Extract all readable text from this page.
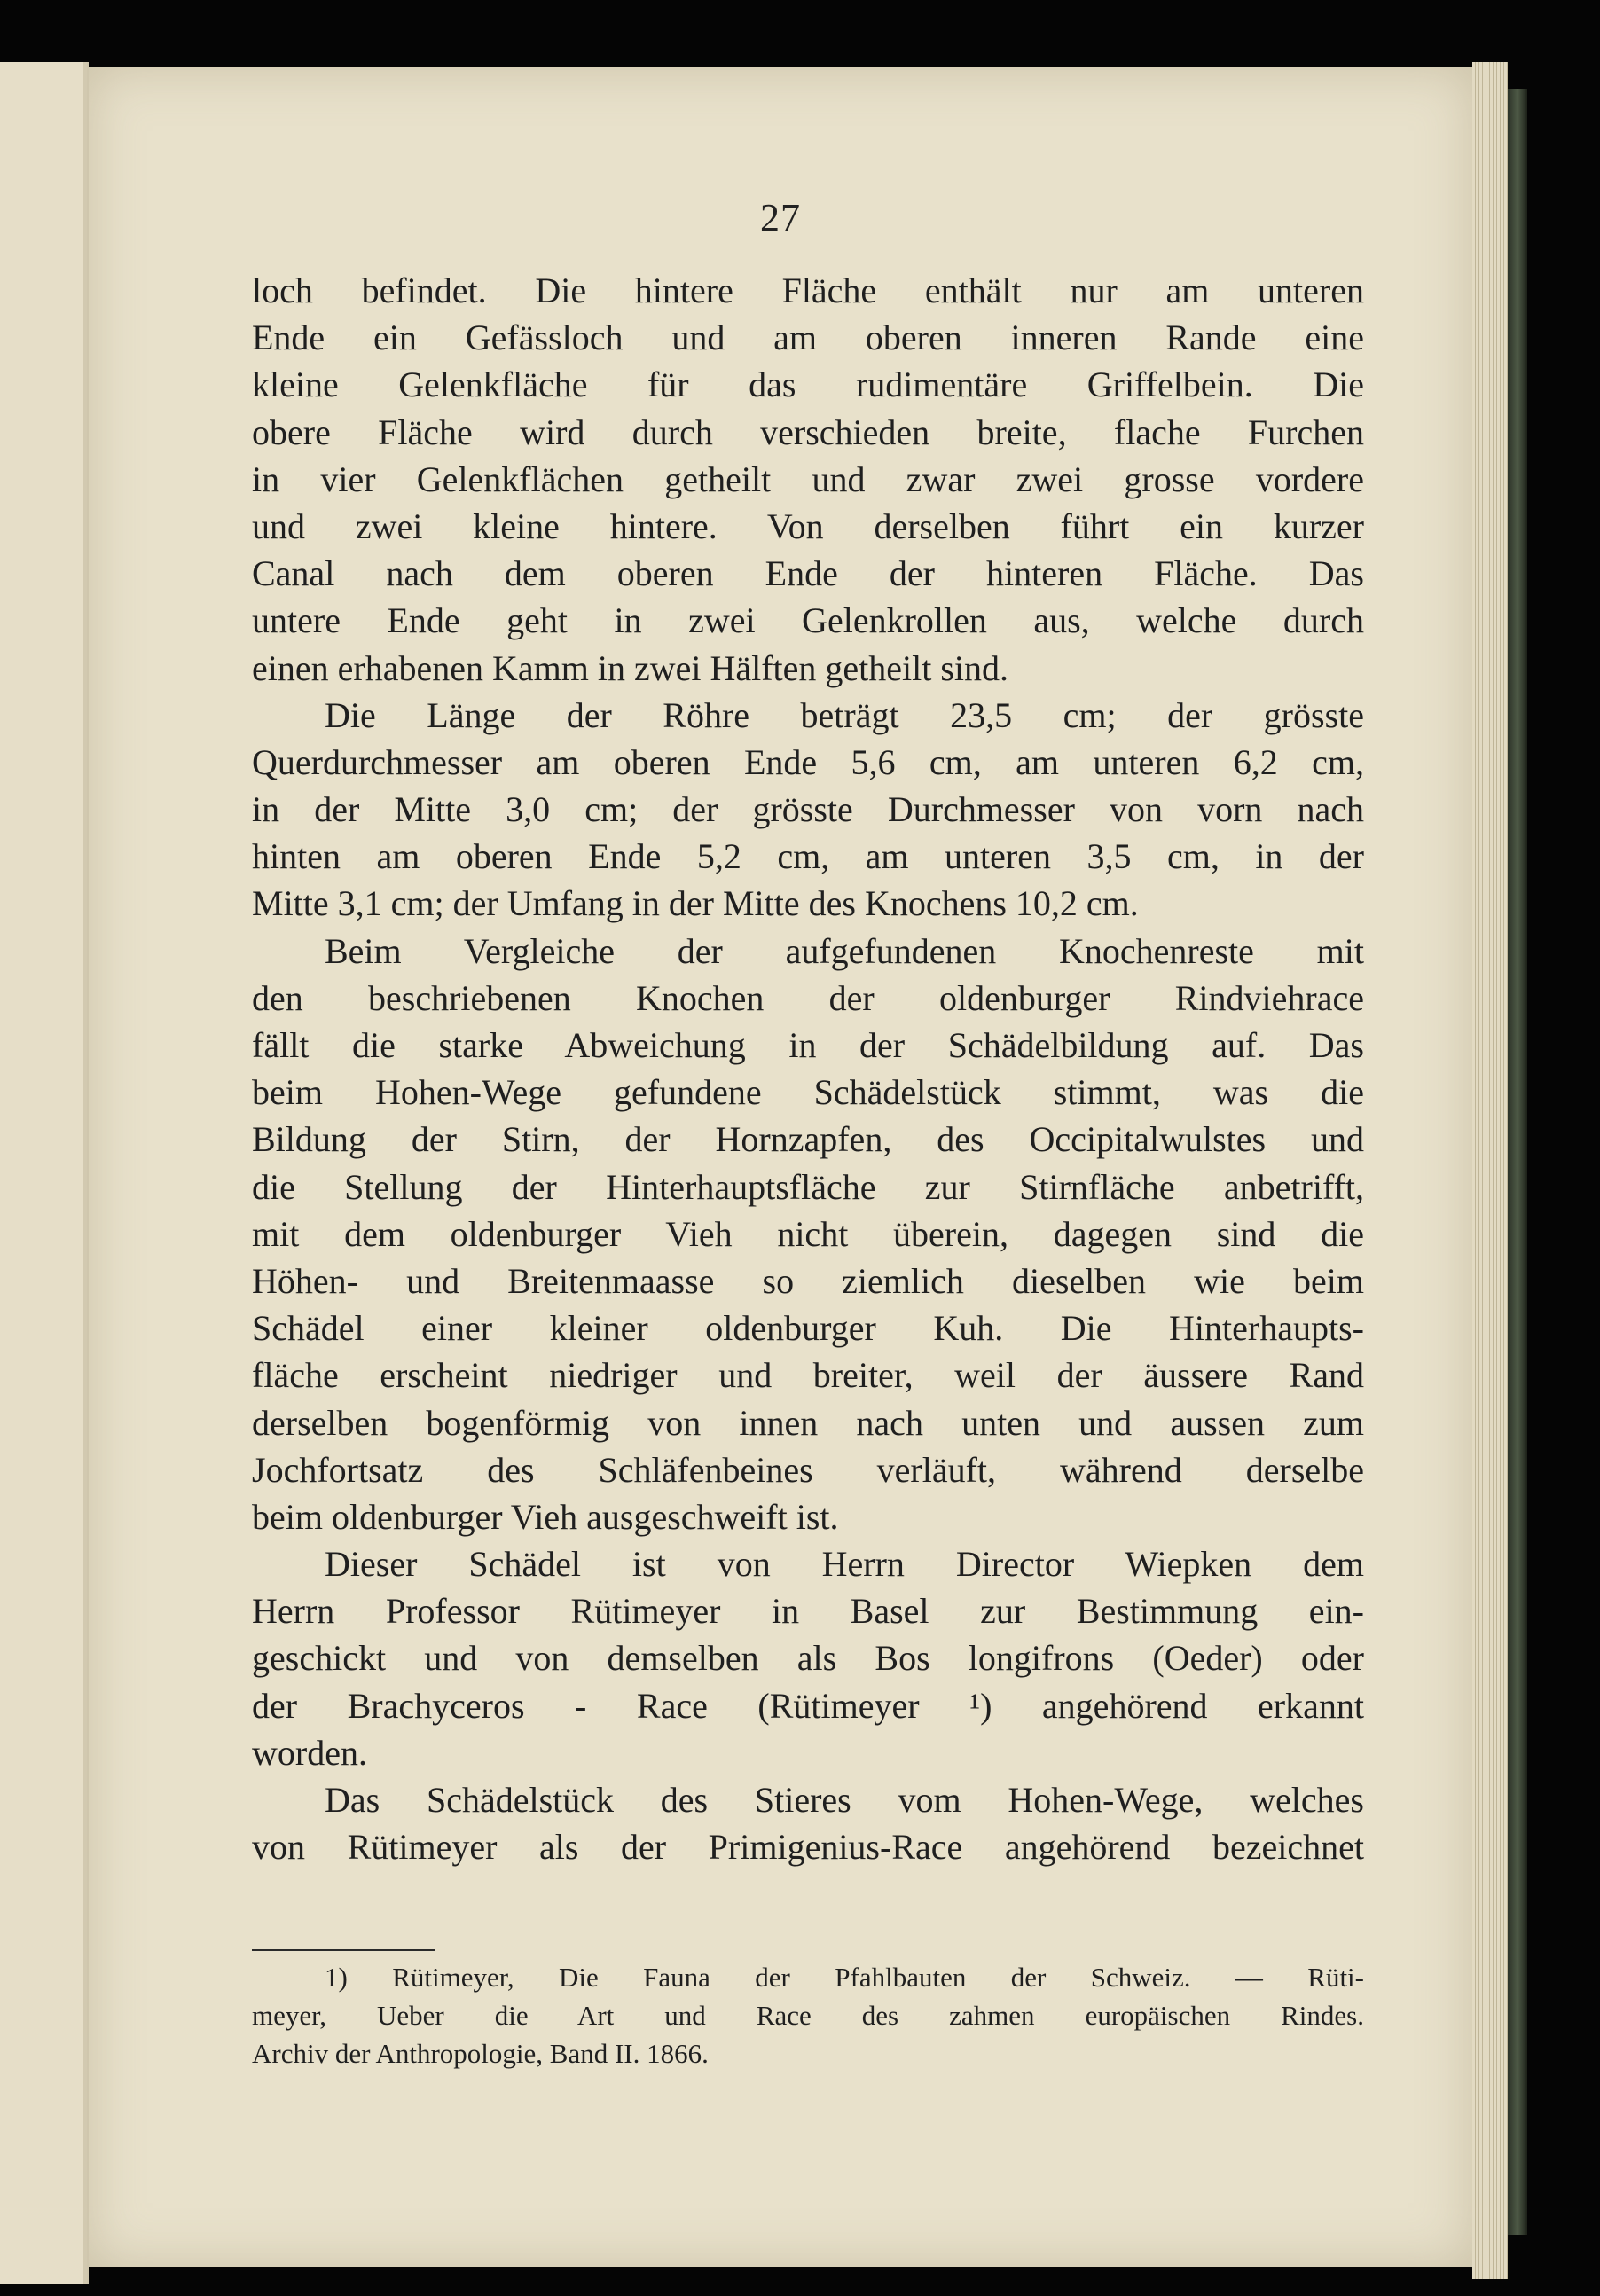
27
loch befindet. Die hintere Fläche enthält nur am unteren
Ende ein Gefässloch und am oberen inneren Rande eine
kleine Gelenkfläche für das rudimentäre Griffelbein. Die
obere Fläche wird durch verschieden breite, flache Furchen
in vier Gelenkflächen getheilt und zwar zwei grosse vordere
und zwei kleine hintere. Von derselben führt ein kurzer
Canal nach dem oberen Ende der hinteren Fläche. Das
untere Ende geht in zwei Gelenkrollen aus, welche durch
einen erhabenen Kamm in zwei Hälften getheilt sind.
Die Länge der Röhre beträgt 23,5 cm; der grösste
Querdurchmesser am oberen Ende 5,6 cm, am unteren 6,2 cm,
in der Mitte 3,0 cm; der grösste Durchmesser von vorn nach
hinten am oberen Ende 5,2 cm, am unteren 3,5 cm, in der
Mitte 3,1 cm; der Umfang in der Mitte des Knochens 10,2 cm.
Beim Vergleiche der aufgefundenen Knochenreste mit
den beschriebenen Knochen der oldenburger Rindviehrace
fällt die starke Abweichung in der Schädelbildung auf. Das
beim Hohen-Wege gefundene Schädelstück stimmt, was die
Bildung der Stirn, der Hornzapfen, des Occipitalwulstes und
die Stellung der Hinterhauptsfläche zur Stirnfläche anbetrifft,
mit dem oldenburger Vieh nicht überein, dagegen sind die
Höhen- und Breitenmaasse so ziemlich dieselben wie beim
Schädel einer kleiner oldenburger Kuh. Die Hinterhaupts-
fläche erscheint niedriger und breiter, weil der äussere Rand
derselben bogenförmig von innen nach unten und aussen zum
Jochfortsatz des Schläfenbeines verläuft, während derselbe
beim oldenburger Vieh ausgeschweift ist.
Dieser Schädel ist von Herrn Director Wiepken dem
Herrn Professor Rütimeyer in Basel zur Bestimmung ein-
geschickt und von demselben als Bos longifrons (Oeder) oder
der Brachyceros - Race (Rütimeyer ¹) angehörend erkannt
worden.
Das Schädelstück des Stieres vom Hohen-Wege, welches
von Rütimeyer als der Primigenius-Race angehörend bezeichnet
1) Rütimeyer, Die Fauna der Pfahlbauten der Schweiz. — Rüti-
meyer, Ueber die Art und Race des zahmen europäischen Rindes.
Archiv der Anthropologie, Band II. 1866.
